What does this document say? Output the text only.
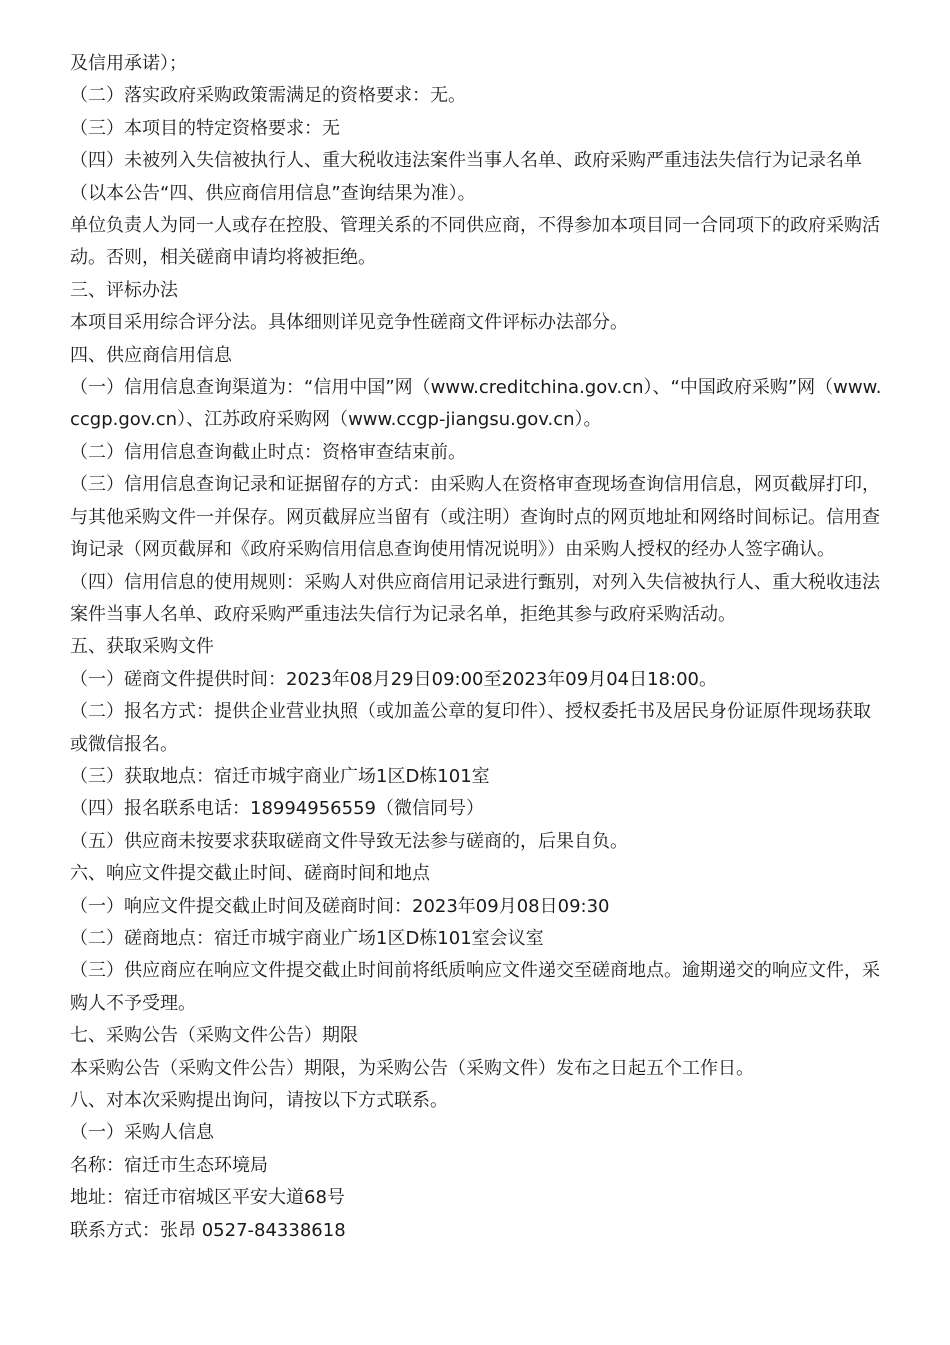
及信用承诺）；

（二）落实政府采购政策需满足的资格要求：无。

（三）本项目的特定资格要求：无

（四）未被列入失信被执行人、重大税收违法案件当事人名单、政府采购严重违法失信行为记录名单（以本公告“四、供应商信用信息”查询结果为准）。

单位负责人为同一人或存在控股、管理关系的不同供应商，不得参加本项目同一合同项下的政府采购活动。否则，相关磋商申请均将被拒绝。

三、评标办法

本项目采用综合评分法。具体细则详见竞争性磋商文件评标办法部分。

四、供应商信用信息

（一）信用信息查询渠道为：“信用中国”网（www.creditchina.gov.cn）、“中国政府采购”网（www.ccgp.gov.cn）、江苏政府采购网（www.ccgp-jiangsu.gov.cn）。

（二）信用信息查询截止时点：资格审查结束前。

（三）信用信息查询记录和证据留存的方式：由采购人在资格审查现场查询信用信息，网页截屏打印，与其他采购文件一并保存。网页截屏应当留有（或注明）查询时点的网页地址和网络时间标记。信用查询记录（网页截屏和《政府采购信用信息查询使用情况说明》）由采购人授权的经办人签字确认。

（四）信用信息的使用规则：采购人对供应商信用记录进行甄别，对列入失信被执行人、重大税收违法案件当事人名单、政府采购严重违法失信行为记录名单，拒绝其参与政府采购活动。

五、获取采购文件

（一）磋商文件提供时间：2023年08月29日09:00至2023年09月04日18:00。

（二）报名方式：提供企业营业执照（或加盖公章的复印件）、授权委托书及居民身份证原件现场获取或微信报名。

（三）获取地点：宿迁市城宇商业广场1区D栋101室

（四）报名联系电话：18994956559（微信同号）

（五）供应商未按要求获取磋商文件导致无法参与磋商的，后果自负。

六、响应文件提交截止时间、磋商时间和地点

（一）响应文件提交截止时间及磋商时间：2023年09月08日09:30

（二）磋商地点：宿迁市城宇商业广场1区D栋101室会议室

（三）供应商应在响应文件提交截止时间前将纸质响应文件递交至磋商地点。逾期递交的响应文件，采购人不予受理。

七、采购公告（采购文件公告）期限

本采购公告（采购文件公告）期限，为采购公告（采购文件）发布之日起五个工作日。

八、对本次采购提出询问，请按以下方式联系。

（一）采购人信息

名称：宿迁市生态环境局

地址：宿迁市宿城区平安大道68号

联系方式：张昂 0527-84338618
